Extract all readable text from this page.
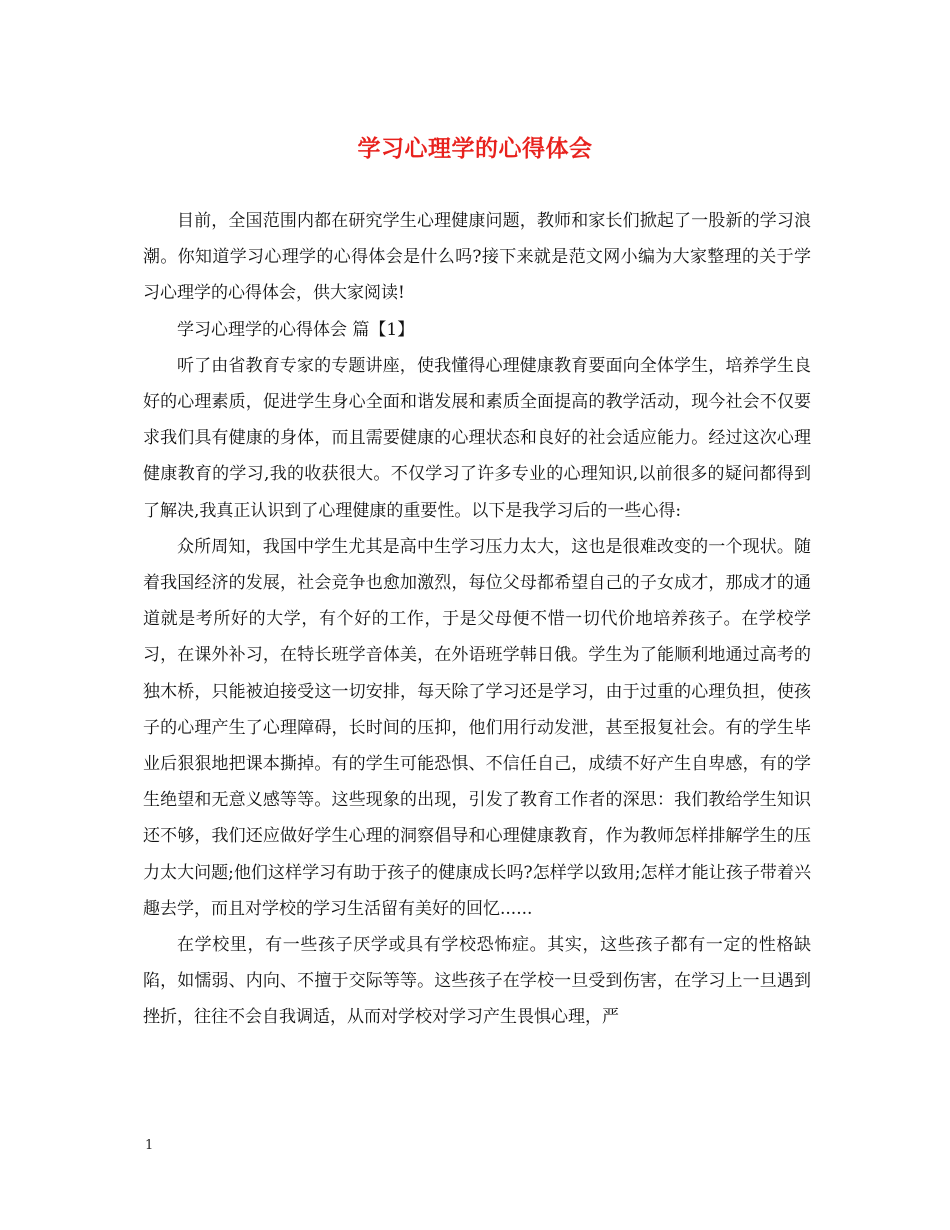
学习心理学的心得体会

目前，全国范围内都在研究学生心理健康问题，教师和家长们掀起了一股新的学习浪潮。你知道学习心理学的心得体会是什么吗?接下来就是范文网小编为大家整理的关于学习心理学的心得体会，供大家阅读!

学习心理学的心得体会 篇【1】

听了由省教育专家的专题讲座，使我懂得心理健康教育要面向全体学生，培养学生良好的心理素质，促进学生身心全面和谐发展和素质全面提高的教学活动，现今社会不仅要求我们具有健康的身体，而且需要健康的心理状态和良好的社会适应能力。经过这次心理健康教育的学习,我的收获很大。不仅学习了许多专业的心理知识,以前很多的疑问都得到了解决,我真正认识到了心理健康的重要性。以下是我学习后的一些心得:

众所周知，我国中学生尤其是高中生学习压力太大，这也是很难改变的一个现状。随着我国经济的发展，社会竞争也愈加激烈，每位父母都希望自己的子女成才，那成才的通道就是考所好的大学，有个好的工作，于是父母便不惜一切代价地培养孩子。在学校学习，在课外补习，在特长班学音体美，在外语班学韩日俄。学生为了能顺利地通过高考的独木桥，只能被迫接受这一切安排，每天除了学习还是学习，由于过重的心理负担，使孩子的心理产生了心理障碍，长时间的压抑，他们用行动发泄，甚至报复社会。有的学生毕业后狠狠地把课本撕掉。有的学生可能恐惧、不信任自己，成绩不好产生自卑感，有的学生绝望和无意义感等等。这些现象的出现，引发了教育工作者的深思：我们教给学生知识还不够，我们还应做好学生心理的洞察倡导和心理健康教育，作为教师怎样排解学生的压力太大问题;他们这样学习有助于孩子的健康成长吗?怎样学以致用;怎样才能让孩子带着兴趣去学，而且对学校的学习生活留有美好的回忆......

在学校里，有一些孩子厌学或具有学校恐怖症。其实，这些孩子都有一定的性格缺陷，如懦弱、内向、不擅于交际等等。这些孩子在学校一旦受到伤害，在学习上一旦遇到挫折，往往不会自我调适，从而对学校对学习产生畏惧心理，严

1
